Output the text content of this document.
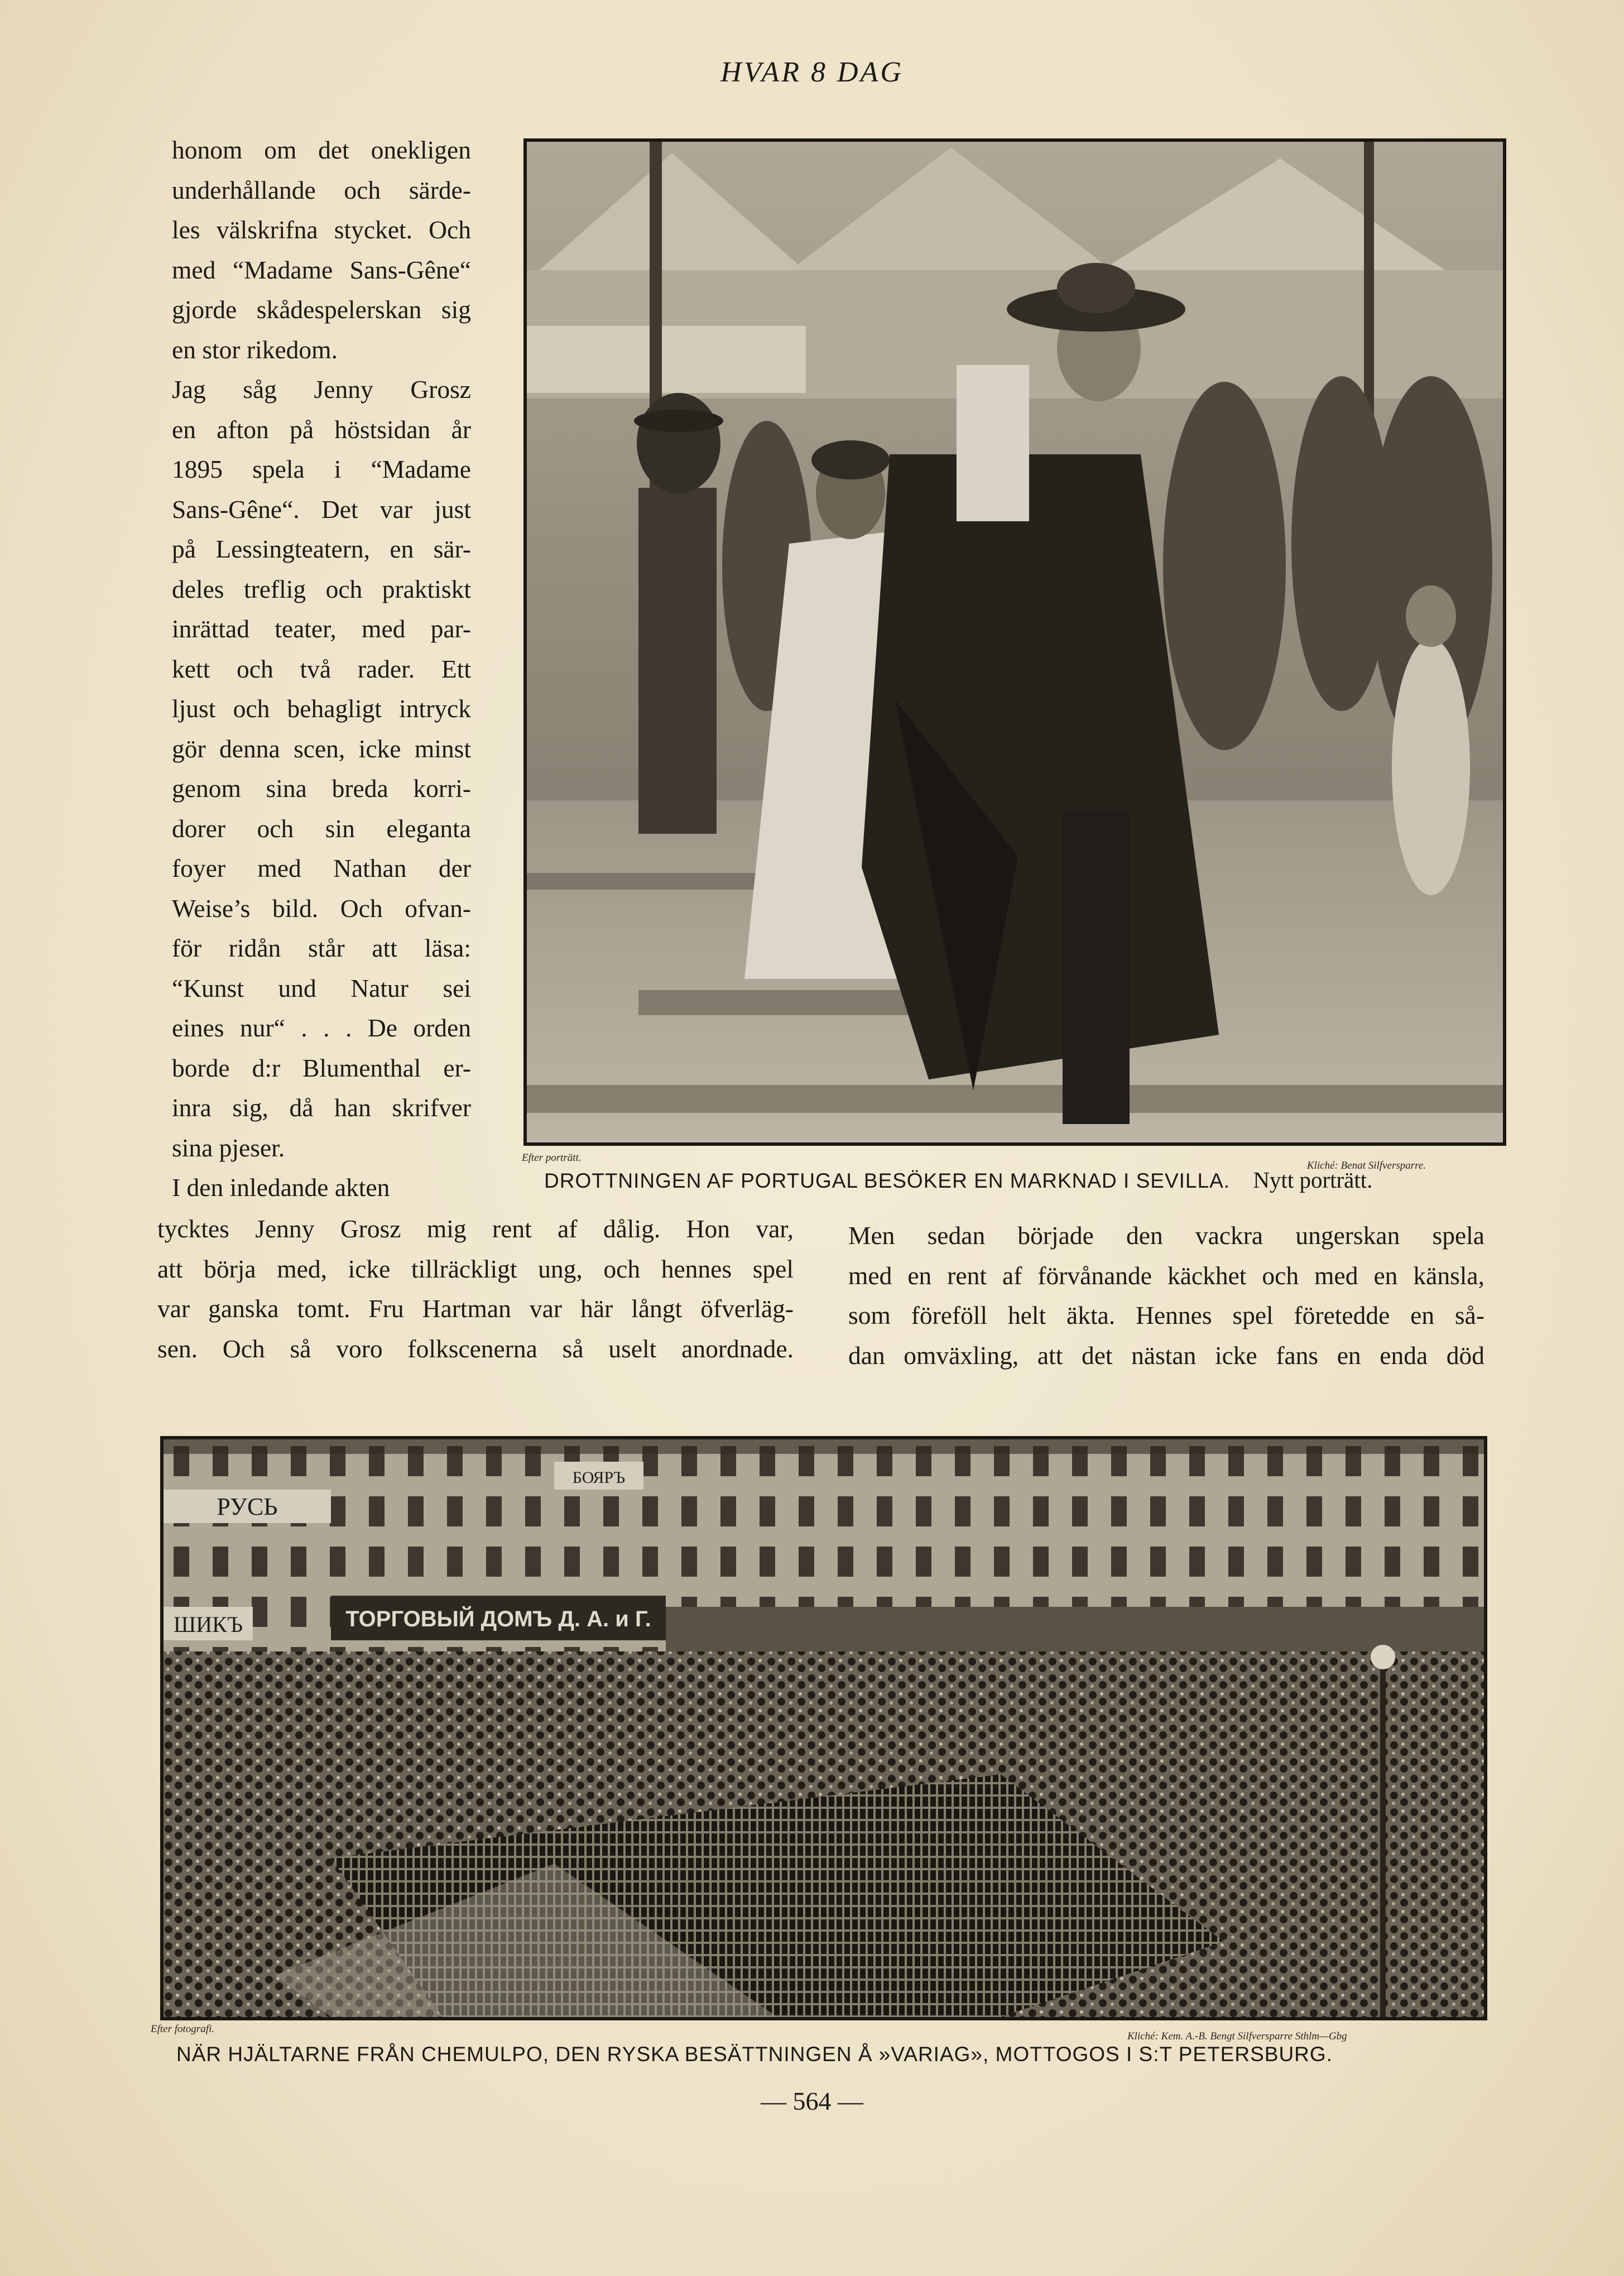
HVAR 8 DAG
honom om det onekligen
underhållande och särde-
les välskrifna stycket. Och
med “Madame Sans-Gêne“
gjorde skådespelerskan sig
en stor rikedom.
Jag såg Jenny Grosz
en afton på höstsidan år
1895 spela i “Madame
Sans-Gêne“. Det var just
på Lessingteatern, en sär-
deles treflig och praktiskt
inrättad teater, med par-
kett och två rader. Ett
ljust och behagligt intryck
gör denna scen, icke minst
genom sina breda korri-
dorer och sin eleganta
foyer med Nathan der
Weise’s bild. Och ofvan-
för ridån står att läsa:
“Kunst und Natur sei
eines nur“ . . . De orden
borde d:r Blumenthal er-
inra sig, då han skrifver
sina pjeser.
I den inledande akten
Efter porträtt.
Kliché: Benat Silfversparre.
DROTTNINGEN AF PORTUGAL BESÖKER EN MARKNAD I SEVILLA. Nytt porträtt.
tycktes Jenny Grosz mig rent af dålig. Hon var,
att börja med, icke tillräckligt ung, och hennes spel
var ganska tomt. Fru Hartman var här långt öfverläg-
sen. Och så voro folkscenerna så uselt anordnade.
Men sedan började den vackra ungerskan spela
med en rent af förvånande käckhet och med en känsla,
som föreföll helt äkta. Hennes spel företedde en så-
dan omväxling, att det nästan icke fans en enda död
РУСЬ
ТОРГОВЫЙ ДОМЪ Д. А. и Г.
ШИКЪ
БОЯРЪ
Efter fotografi.
Kliché: Kem. A.-B. Bengt Silfversparre Sthlm—Gbg
NÄR HJÄLTARNE FRÅN CHEMULPO, DEN RYSKA BESÄTTNINGEN Å »VARIAG», MOTTOGOS I S:T PETERSBURG.
— 564 —
